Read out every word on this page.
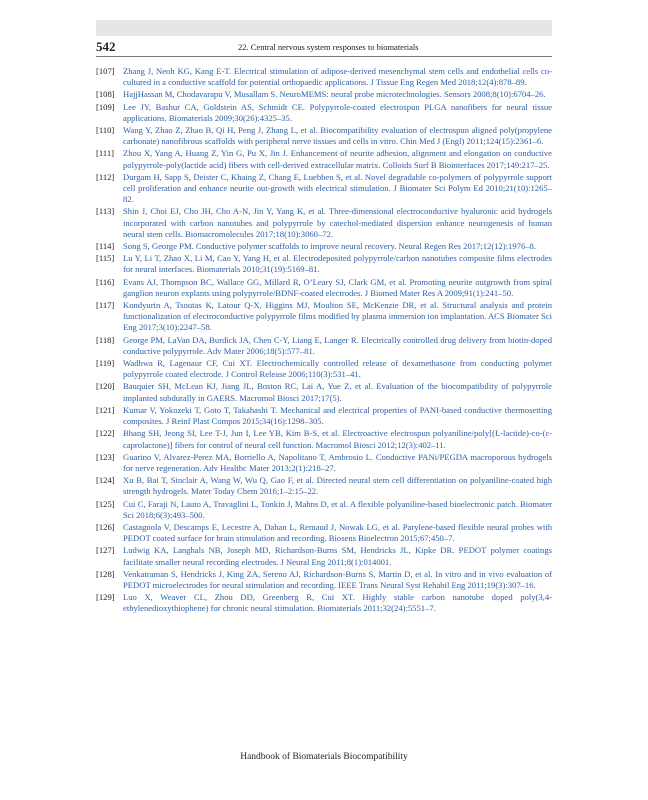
542	22. Central nervous system responses to biomaterials
[107] Zhang J, Neoh KG, Kang E-T. Electrical stimulation of adipose-derived mesenchymal stem cells and endothelial cells co-cultured in a conductive scaffold for potential orthopaedic applications. J Tissue Eng Regen Med 2018;12(4):878–89.
[108] HajjHassan M, Chodavarapu V, Musallam S. NeuroMEMS: neural probe microtechnologies. Sensors 2008;8(10):6704–26.
[109] Lee JY, Bashur CA, Goldstein AS, Schmidt CE. Polypyrrole-coated electrospun PLGA nanofibers for neural tissue applications. Biomaterials 2009;30(26):4325–35.
[110]	Wang Y, Zhao Z, Zhao B, Qi H, Peng J, Zhang L, et al. Biocompatibility evaluation of electrospun aligned poly(propylene carbonate) nanofibrous scaffolds with peripheral nerve tissues and cells in vitro. Chin Med J (Engl) 2011;124(15):2361–6.
[111]	Zhou X, Yang A, Huang Z, Yin G, Pu X, Jin J. Enhancement of neurite adhesion, alignment and elongation on conductive polypyrrole-poly(lactide acid) fibers with cell-derived extracellular matrix. Colloids Surf B Biointerfaces 2017;149:217–25.
[112]	Durgam H, Sapp S, Deister C, Khaing Z, Chang E, Luebben S, et al. Novel degradable co-polymers of polypyrrole support cell proliferation and enhance neurite out-growth with electrical stimulation. J Biomater Sci Polym Ed 2010;21(10):1265–82.
[113]	Shin J, Choi EJ, Cho JH, Cho A-N, Jin Y, Yang K, et al. Three-dimensional electroconductive hyaluronic acid hydrogels incorporated with carbon nanotubes and polypyrrole by catechol-mediated dispersion enhance neurogenesis of human neural stem cells. Biomacromolecules 2017;18(10):3060–72.
[114]	Song S, George PM. Conductive polymer scaffolds to improve neural recovery. Neural Regen Res 2017;12(12):1976–8.
[115]	Lu Y, Li T, Zhao X, Li M, Cao Y, Yang H, et al. Electrodeposited polypyrrole/carbon nanotubes composite films electrodes for neural interfaces. Biomaterials 2010;31(19):5169–81.
[116]	Evans AJ, Thompson BC, Wallace GG, Millard R, O’Leary SJ, Clark GM, et al. Promoting neurite outgrowth from spiral ganglion neuron explants using polypyrrole/BDNF-coated electrodes. J Biomed Mater Res A 2009;91(1):241–50.
[117]	Kondyurin A, Tsoutas K, Latour Q-X, Higgins MJ, Moulton SE, McKenzie DR, et al. Structural analysis and protein functionalization of electroconductive polypyrrole films modified by plasma immersion ion implantation. ACS Biomater Sci Eng 2017;3(10):2247–58.
[118]	George PM, LaVan DA, Burdick JA, Chen C-Y, Liang E, Langer R. Electrically controlled drug delivery from biotin-doped conductive polypyrrole. Adv Mater 2006;18(5):577–81.
[119]	Wadhwa R, Lagenaur CF, Cui XT. Electrochemically controlled release of dexamethasone from conducting polymer polypyrrole coated electrode. J Control Release 2006;110(3):531–41.
[120] Bauquier SH, McLean KJ, Jiang JL, Boston RC, Lai A, Yue Z, et al. Evaluation of the biocompatibility of polypyrrole implanted subdurally in GAERS. Macromol Biosci 2017;17(5).
[121] Kumar V, Yokozeki T, Goto T, Takahashi T. Mechanical and electrical properties of PANI-based conductive thermosetting composites. J Reinf Plast Compos 2015;34(16):1298–305.
[122] Bhang SH, Jeong SI, Lee T-J, Jun I, Lee YB, Kim B-S, et al. Electroactive electrospun polyaniline/poly[(L-lactide)-co-(ε-caprolactone)] fibers for control of neural cell function. Macromol Biosci 2012;12(3):402–11.
[123] Guarino V, Alvarez-Perez MA, Borriello A, Napolitano T, Ambrosio L. Conductive PANi/PEGDA macroporous hydrogels for nerve regeneration. Adv Healthc Mater 2013;2(1):218–27.
[124] Xu B, Bai T, Sinclair A, Wang W, Wu Q, Gao F, et al. Directed neural stem cell differentiation on polyaniline-coated high strength hydrogels. Mater Today Chem 2016;1–2:15–22.
[125] Cui C, Faraji N, Lauto A, Travaglini L, Tonkin J, Mahns D, et al. A flexible polyaniline-based bioelectronic patch. Biomater Sci 2018;6(3):493–500.
[126] Castagnola V, Descamps E, Lecestre A, Dahan L, Remaud J, Nowak LG, et al. Parylene-based flexible neural probes with PEDOT coated surface for brain stimulation and recording. Biosens Bioelectron 2015;67:450–7.
[127] Ludwig KA, Langhals NB, Joseph MD, Richardson-Burns SM, Hendricks JL, Kipke DR. PEDOT polymer coatings facilitate smaller neural recording electrodes. J Neural Eng 2011;8(1):014001.
[128] Venkatraman S, Hendricks J, King ZA, Sereno AJ, Richardson-Burns S, Martin D, et al. In vitro and in vivo evaluation of PEDOT microelectrodes for neural stimulation and recording. IEEE Trans Neural Syst Rehabil Eng 2011;19(3):307–16.
[129] Luo X, Weaver CL, Zhou DD, Greenberg R, Cui XT. Highly stable carbon nanotube doped poly(3,4-ethylenedioxythiophene) for chronic neural stimulation. Biomaterials 2011;32(24):5551–7.
Handbook of Biomaterials Biocompatibility
